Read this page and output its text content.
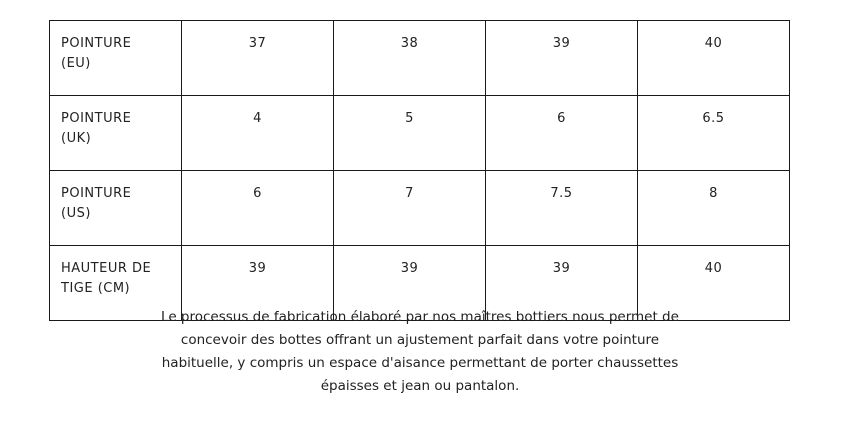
POINTURE
(EU)	37	38	39	40
POINTURE
(UK)	4	5	6	6.5
POINTURE
(US)	6	7	7.5	8
HAUTEUR DE
TIGE (CM)	39	39	39	40

Le processus de fabrication élaboré par nos maîtres bottiers nous permet de
concevoir des bottes offrant un ajustement parfait dans votre pointure
habituelle, y compris un espace d'aisance permettant de porter chaussettes
épaisses et jean ou pantalon.
